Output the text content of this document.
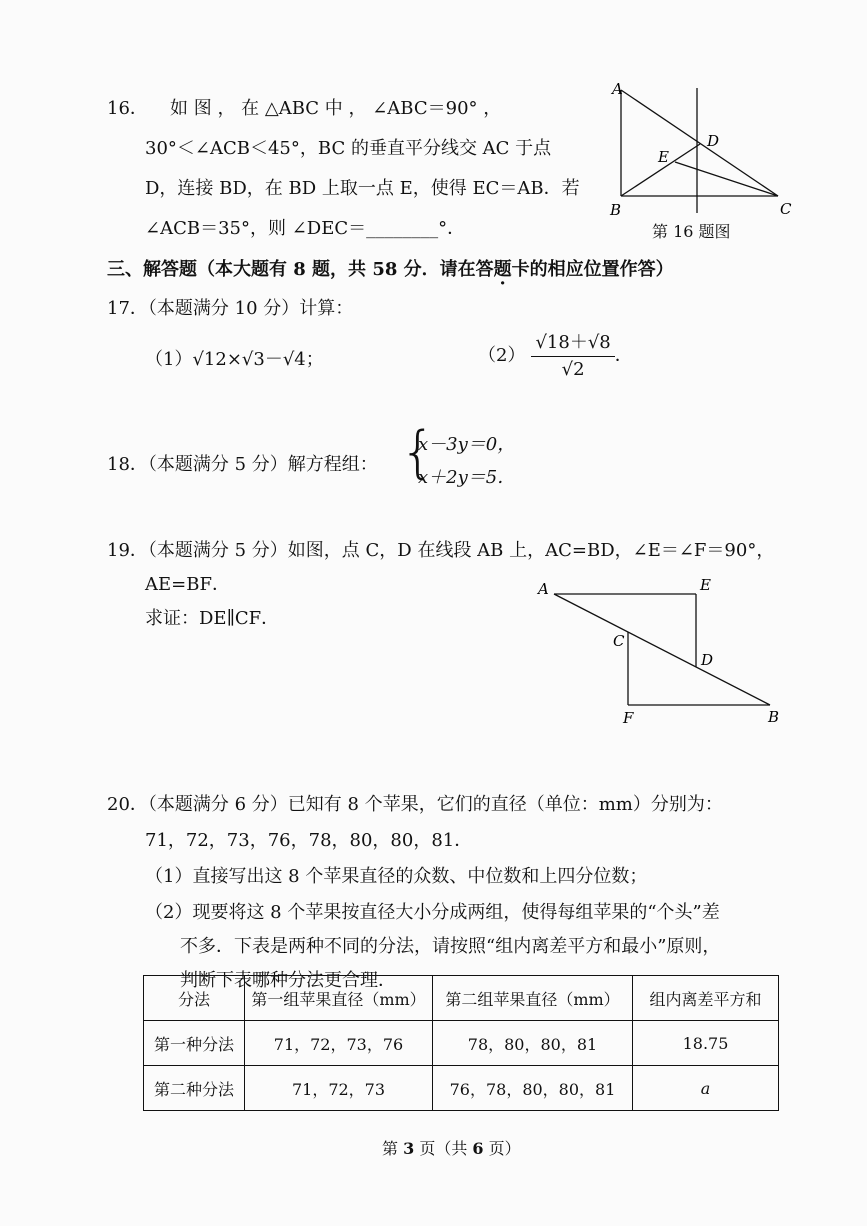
16． 如 图 ， 在 △ABC 中 ， ∠ABC＝90° ，
30°＜∠ACB＜45°，BC 的垂直平分线交 AC 于点
D，连接 BD，在 BD 上取一点 E，使得 EC＝AB．若
∠ACB＝35°，则 ∠DEC＝________°．
A
B	C
D
E
第 16 题图
三、解答题（本大题有 8 题，共 58 分．请在答题卡的相应位置作答）
17．（本题满分 10 分）计算：
（1）√12×√3－√4；	$(2) \frac{√18+√8}{√2}$ ．
18．（本题满分 5 分）解方程组： {
x－3y＝0，
x＋2y＝5．
19．（本题满分 5 分）如图，点 C，D 在线段 AB 上，AC=BD，∠E＝∠F＝90°，
AE=BF．
求证：DE∥CF．
A	E
C
D
F	B
20．（本题满分 6 分）已知有 8 个苹果，它们的直径（单位：mm）分别为：
71，72，73，76，78，80，80，81．
（1）直接写出这 8 个苹果直径的众数、中位数和上四分位数；
（2）现要将这 8 个苹果按直径大小分成两组，使得每组苹果的“个头”差
不多．下表是两种不同的分法，请按照“组内离差平方和最小”原则，
判断下表哪种分法更合理．
分法	第一组苹果直径（mm）	第二组苹果直径（mm）	组内离差平方和
第一种分法	71，72，73，76	78，80，80，81	18.75
第二种分法	71，72，73	76，78，80，80，81	a
第 3 页（共 6 页）
